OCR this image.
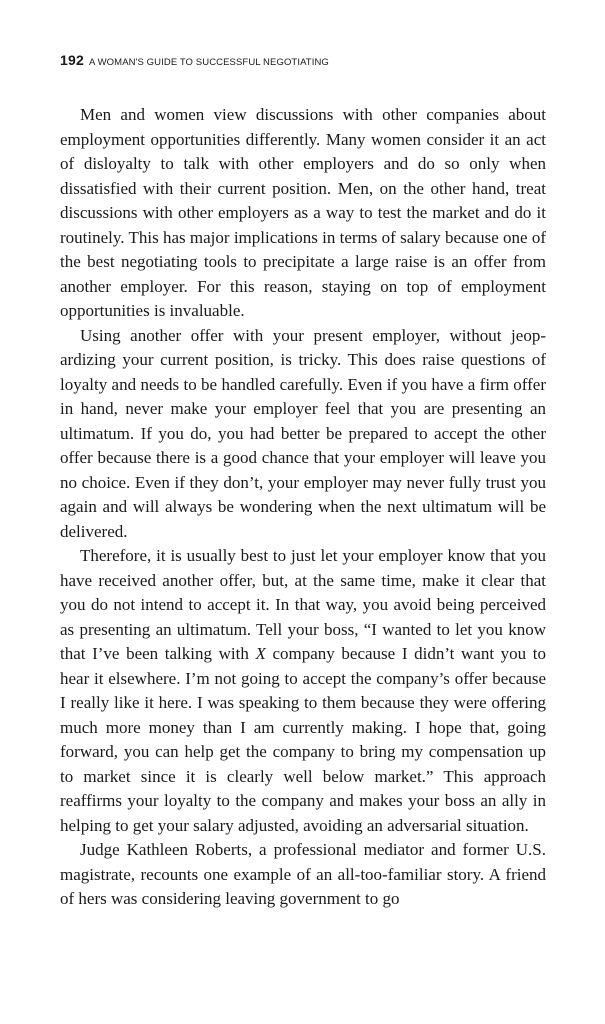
192 A WOMAN'S GUIDE TO SUCCESSFUL NEGOTIATING

Men and women view discussions with other companies about employment opportunities differently. Many women consider it an act of disloyalty to talk with other employers and do so only when dissatisfied with their current position. Men, on the other hand, treat discussions with other employers as a way to test the market and do it routinely. This has major implications in terms of salary because one of the best negotiating tools to precipitate a large raise is an offer from another employer. For this reason, staying on top of employment opportunities is invaluable.

Using another offer with your present employer, without jeopardizing your current position, is tricky. This does raise questions of loyalty and needs to be handled carefully. Even if you have a firm offer in hand, never make your employer feel that you are presenting an ultimatum. If you do, you had better be prepared to accept the other offer because there is a good chance that your employer will leave you no choice. Even if they don’t, your employer may never fully trust you again and will always be wondering when the next ultimatum will be delivered.

Therefore, it is usually best to just let your employer know that you have received another offer, but, at the same time, make it clear that you do not intend to accept it. In that way, you avoid being perceived as presenting an ultimatum. Tell your boss, “I wanted to let you know that I’ve been talking with X company because I didn’t want you to hear it elsewhere. I’m not going to accept the company’s offer because I really like it here. I was speaking to them because they were offering much more money than I am currently making. I hope that, going forward, you can help get the company to bring my compensation up to market since it is clearly well below market.” This approach reaffirms your loyalty to the company and makes your boss an ally in helping to get your salary adjusted, avoiding an adversarial situation.

Judge Kathleen Roberts, a professional mediator and former U.S. magistrate, recounts one example of an all-too-familiar story. A friend of hers was considering leaving government to go
